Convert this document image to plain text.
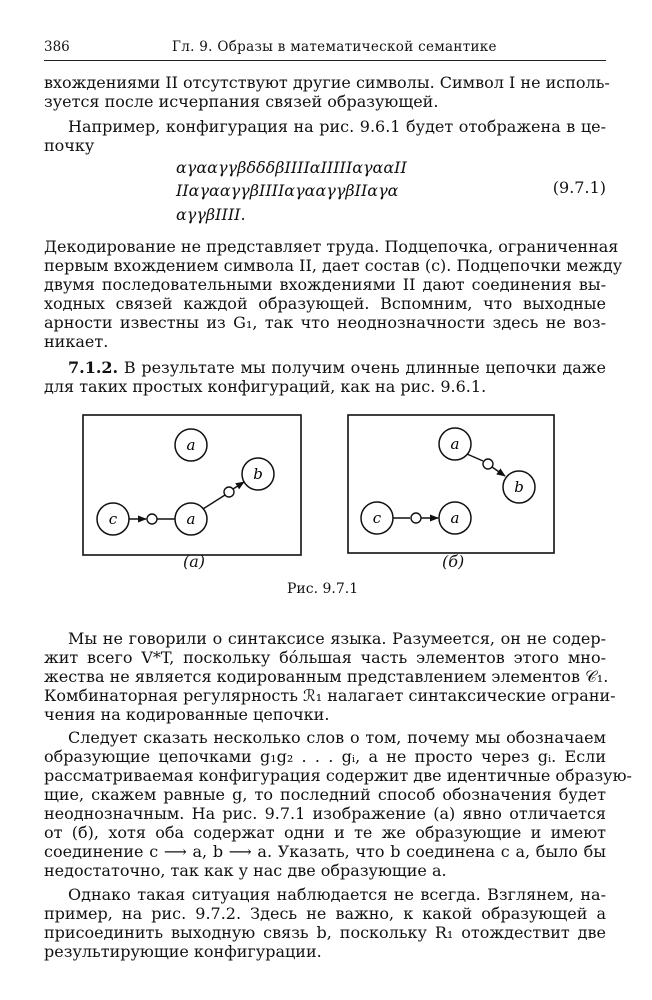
386	Гл. 9. Образы в математической семантике
вхождениями II отсутствуют другие символы. Символ I не исполь-
зуется после исчерпания связей образующей.
Например, конфигурация на рис. 9.6.1 будет отображена в це-
почку
αγααγγβδδδβIIIIαIIIIIαγααII
IIαγααγγβIIIIαγααγγβIIαγα
αγγβIIII.
(9.7.1)
Декодирование не представляет труда. Подцепочка, ограниченная
первым вхождением символа II, дает состав (c). Подцепочки между
двумя последовательными вхождениями II дают соединения вы-
ходных связей каждой образующей. Вспомним, что выходные
арности известны из G₁, так что неоднозначности здесь не воз-
никает.
7.1.2. В результате мы получим очень длинные цепочки даже
для таких простых конфигураций, как на рис. 9.6.1.
a
b
c	a
a
b
c	a
(а)	(б)
Рис. 9.7.1
Мы не говорили о синтаксисе языка. Разумеется, он не содер-
жит всего V*T, поскольку бóльшая часть элементов этого мно-
жества не является кодированным представлением элементов 𝒞₁.
Комбинаторная регулярность ℛ₁ налагает синтаксические ограни-
чения на кодированные цепочки.
Следует сказать несколько слов о том, почему мы обозначаем
образующие цепочками g₁g₂ . . . gᵢ, а не просто через gᵢ. Если
рассматриваемая конфигурация содержит две идентичные образую-
щие, скажем равные g, то последний способ обозначения будет
неоднозначным. На рис. 9.7.1 изображение (а) явно отличается
от (б), хотя оба содержат одни и те же образующие и имеют
соединение c ⟶ a, b ⟶ a. Указать, что b соединена с a, было бы
недостаточно, так как у нас две образующие a.
Однако такая ситуация наблюдается не всегда. Взглянем, на-
пример, на рис. 9.7.2. Здесь не важно, к какой образующей a
присоединить выходную связь b, поскольку R₁ отождествит две
результирующие конфигурации.
